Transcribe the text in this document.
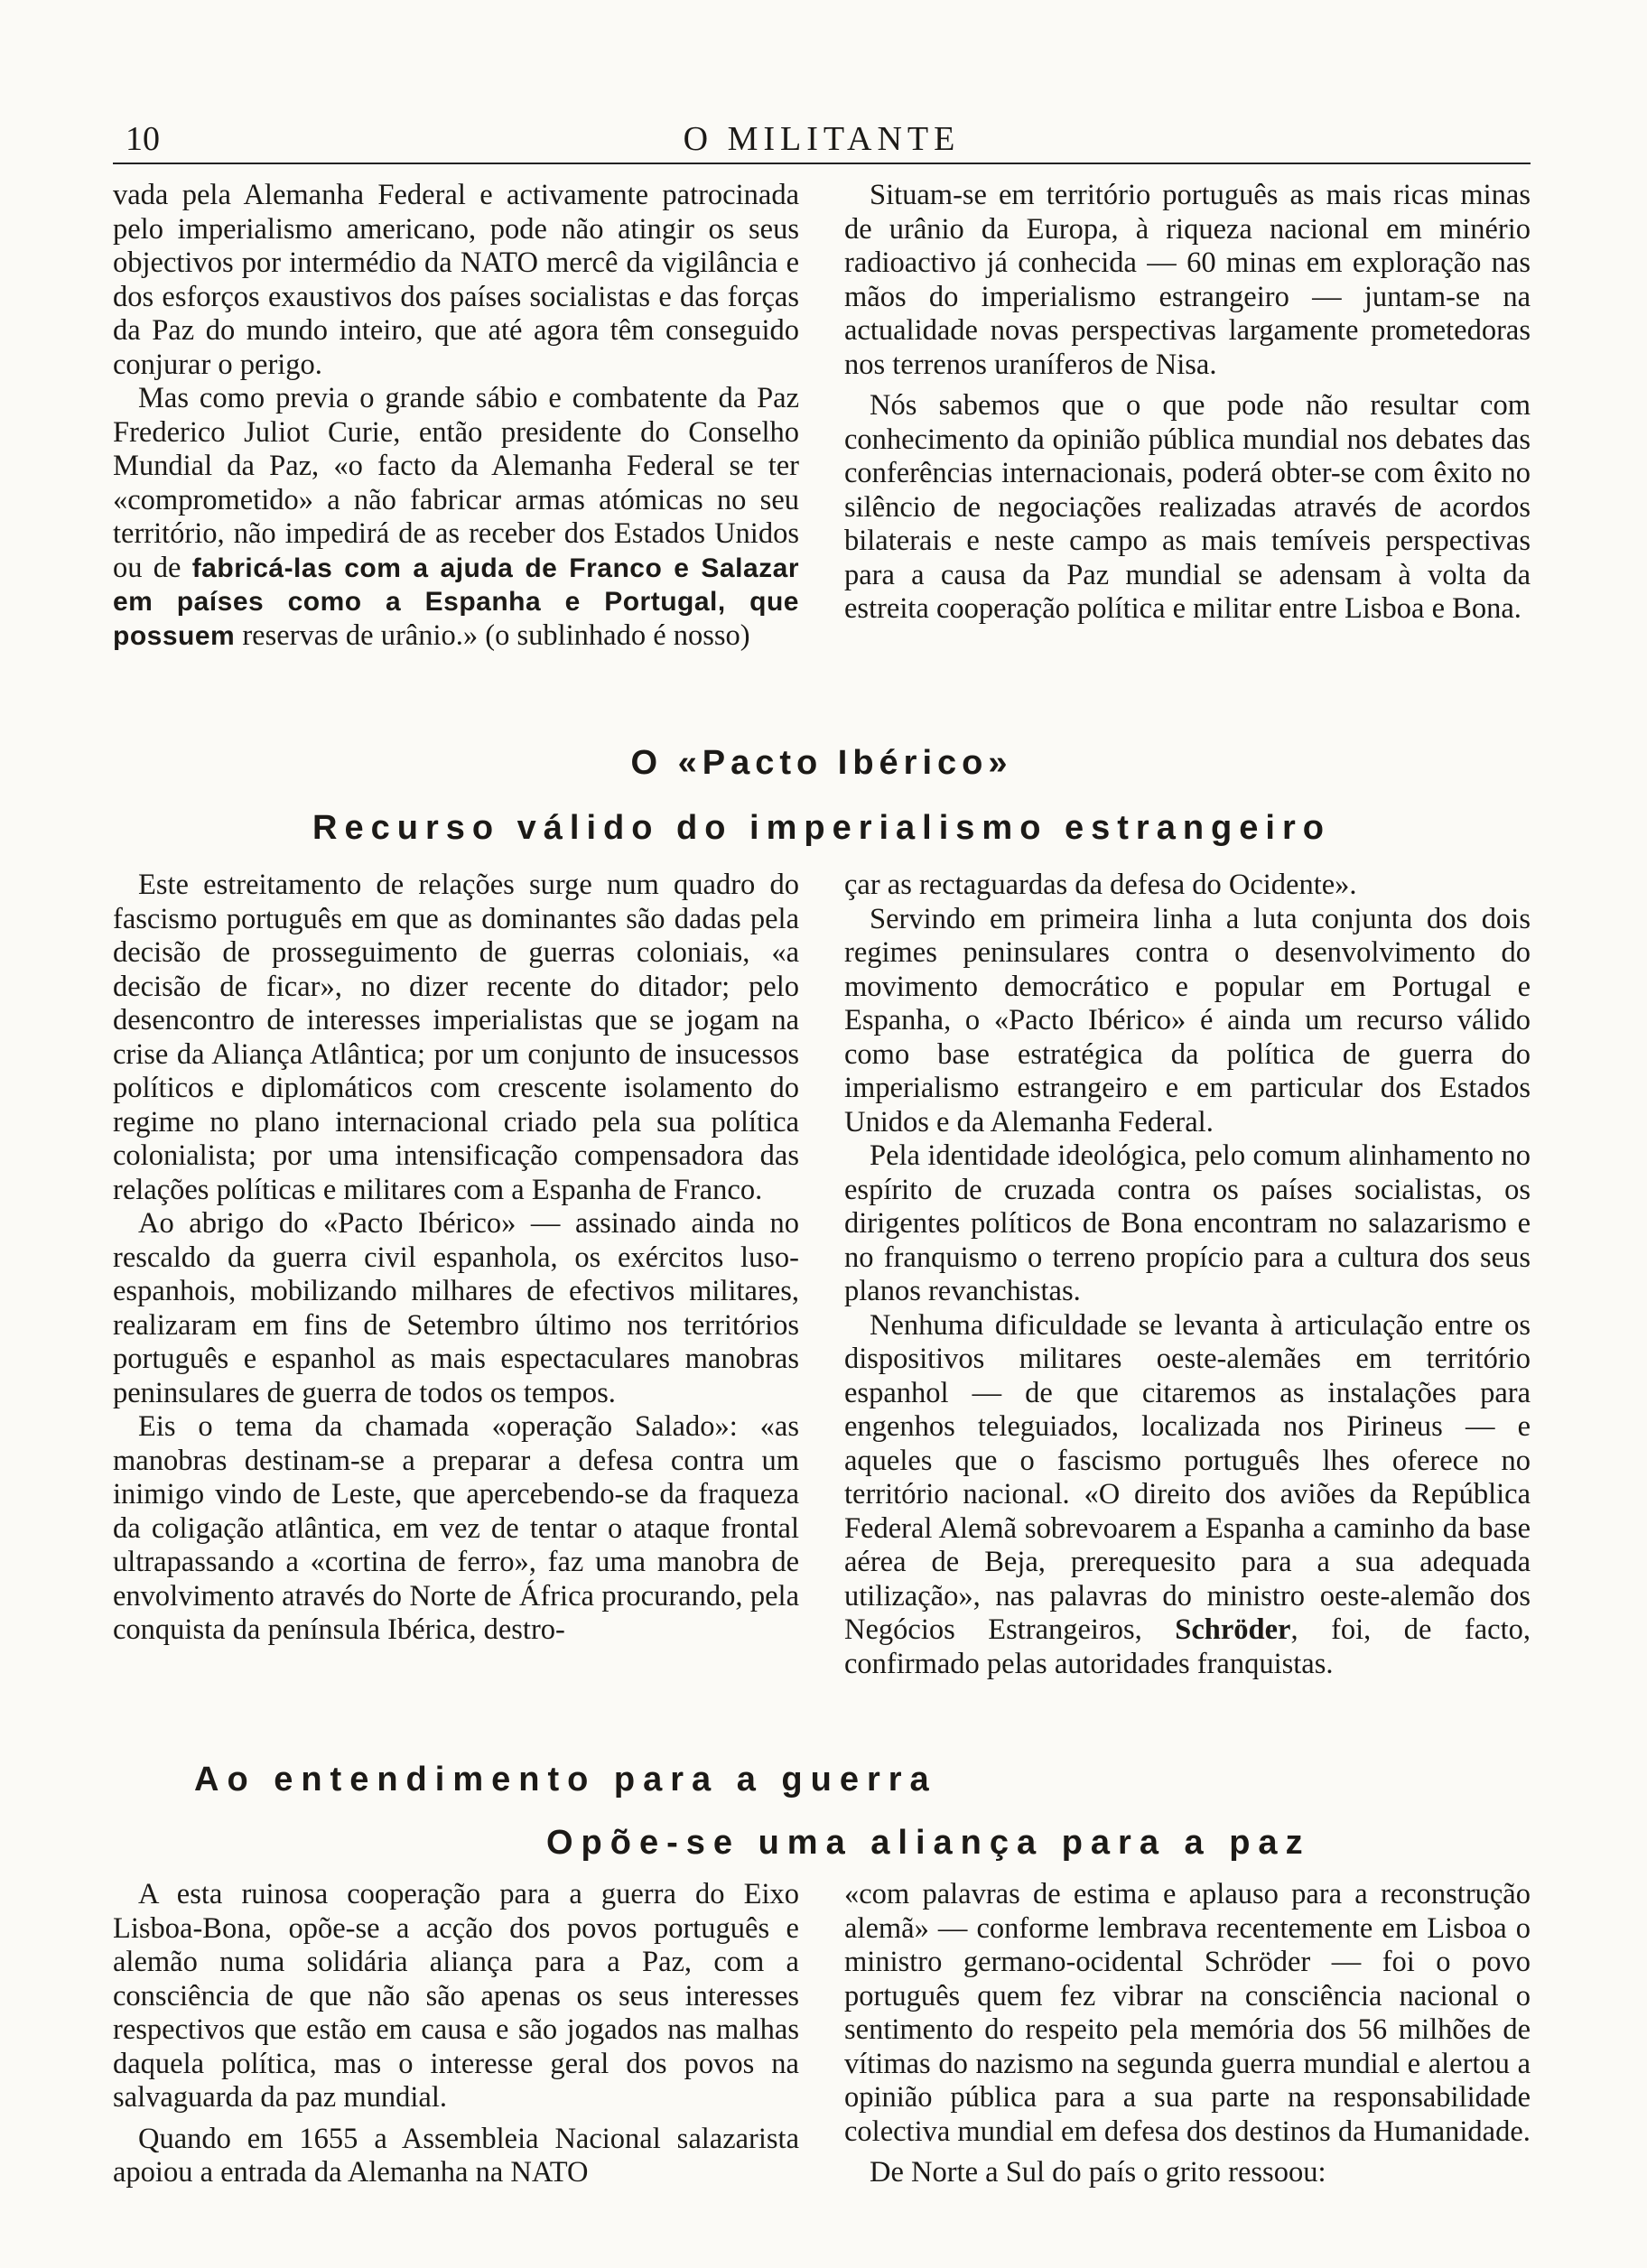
10	O MILITANTE

vada pela Alemanha Federal e activamente patrocinada pelo imperialismo americano, pode não atingir os seus objectivos por intermédio da NATO mercê da vigilância e dos esforços exaustivos dos países socialistas e das forças da Paz do mundo inteiro, que até agora têm conseguido conjurar o perigo.

Mas como previa o grande sábio e combatente da Paz Frederico Juliot Curie, então presidente do Conselho Mundial da Paz, «o facto da Alemanha Federal se ter «comprometido» a não fabricar armas atómicas no seu território, não impedirá de as receber dos Estados Unidos ou de fabricá-las com a ajuda de Franco e Salazar em países como a Espanha e Portugal, que possuem reservas de urânio.» (o sublinhado é nosso)

Situam-se em território português as mais ricas minas de urânio da Europa, à riqueza nacional em minério radioactivo já conhecida — 60 minas em exploração nas mãos do imperialismo estrangeiro — juntam-se na actualidade novas perspectivas largamente prometedoras nos terrenos uraníferos de Nisa.

Nós sabemos que o que pode não resultar com conhecimento da opinião pública mundial nos debates das conferências internacionais, poderá obter-se com êxito no silêncio de negociações realizadas através de acordos bilaterais e neste campo as mais temíveis perspectivas para a causa da Paz mundial se adensam à volta da estreita cooperação política e militar entre Lisboa e Bona.

O «Pacto Ibérico»
Recurso válido do imperialismo estrangeiro

Este estreitamento de relações surge num quadro do fascismo português em que as dominantes são dadas pela decisão de prosseguimento de guerras coloniais, «a decisão de ficar», no dizer recente do ditador; pelo desencontro de interesses imperialistas que se jogam na crise da Aliança Atlântica; por um conjunto de insucessos políticos e diplomáticos com crescente isolamento do regime no plano internacional criado pela sua política colonialista; por uma intensificação compensadora das relações políticas e militares com a Espanha de Franco.

Ao abrigo do «Pacto Ibérico» — assinado ainda no rescaldo da guerra civil espanhola, os exércitos luso-espanhois, mobilizando milhares de efectivos militares, realizaram em fins de Setembro último nos territórios português e espanhol as mais espectaculares manobras peninsulares de guerra de todos os tempos.

Eis o tema da chamada «operação Salado»: «as manobras destinam-se a preparar a defesa contra um inimigo vindo de Leste, que apercebendo-se da fraqueza da coligação atlântica, em vez de tentar o ataque frontal ultrapassando a «cortina de ferro», faz uma manobra de envolvimento através do Norte de África procurando, pela conquista da península Ibérica, destro-

çar as rectaguardas da defesa do Ocidente».

Servindo em primeira linha a luta conjunta dos dois regimes peninsulares contra o desenvolvimento do movimento democrático e popular em Portugal e Espanha, o «Pacto Ibérico» é ainda um recurso válido como base estratégica da política de guerra do imperialismo estrangeiro e em particular dos Estados Unidos e da Alemanha Federal.

Pela identidade ideológica, pelo comum alinhamento no espírito de cruzada contra os países socialistas, os dirigentes políticos de Bona encontram no salazarismo e no franquismo o terreno propício para a cultura dos seus planos revanchistas.

Nenhuma dificuldade se levanta à articulação entre os dispositivos militares oeste-alemães em território espanhol — de que citaremos as instalações para engenhos teleguiados, localizada nos Pirineus — e aqueles que o fascismo português lhes oferece no território nacional. «O direito dos aviões da República Federal Alemã sobrevoarem a Espanha a caminho da base aérea de Beja, prerequesito para a sua adequada utilização», nas palavras do ministro oeste-alemão dos Negócios Estrangeiros, Schröder, foi, de facto, confirmado pelas autoridades franquistas.

Ao entendimento para a guerra
Opõe-se uma aliança para a paz

A esta ruinosa cooperação para a guerra do Eixo Lisboa-Bona, opõe-se a acção dos povos português e alemão numa solidária aliança para a Paz, com a consciência de que não são apenas os seus interesses respectivos que estão em causa e são jogados nas malhas daquela política, mas o interesse geral dos povos na salvaguarda da paz mundial.

Quando em 1655 a Assembleia Nacional salazarista apoiou a entrada da Alemanha na NATO

«com palavras de estima e aplauso para a reconstrução alemã» — conforme lembrava recentemente em Lisboa o ministro germano-ocidental Schröder — foi o povo português quem fez vibrar na consciência nacional o sentimento do respeito pela memória dos 56 milhões de vítimas do nazismo na segunda guerra mundial e alertou a opinião pública para a sua parte na responsabilidade colectiva mundial em defesa dos destinos da Humanidade.

De Norte a Sul do país o grito ressoou:
